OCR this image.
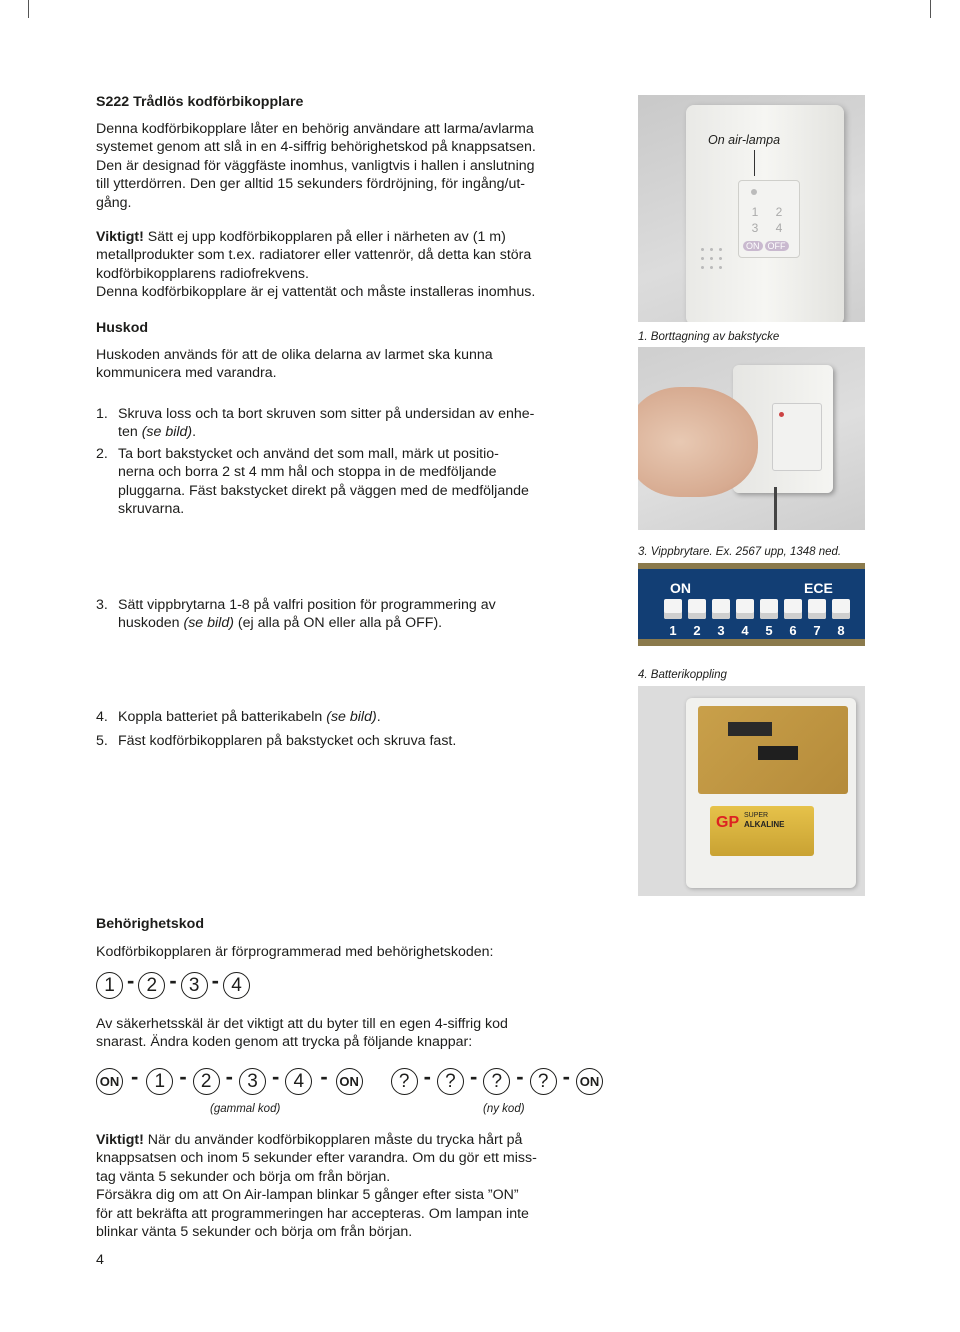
S222 Trådlös kodförbikopplare
Denna kodförbikopplare låter en behörig användare att larma/avlarma
systemet genom att slå in en 4-siffrig behörighetskod på knappsatsen.
Den är designad för väggfäste inomhus, vanligtvis i hallen i anslutning
till ytterdörren. Den ger alltid 15 sekunders fördröjning, för ingång/ut-
gång.
Viktigt! Sätt ej upp kodförbikopplaren på eller i närheten av (1 m)
metallprodukter som t.ex. radiatorer eller vattenrör, då detta kan störa
kodförbikopplarens radiofrekvens.
Denna kodförbikopplare är ej vattentät och måste installeras inomhus.
Huskod
Huskoden används för att de olika delarna av larmet ska kunna
kommunicera med varandra.
1. Skruva loss och ta bort skruven som sitter på undersidan av enhe-
ten (se bild).
2. Ta bort bakstycket och använd det som mall, märk ut positio-
nerna och borra 2 st 4 mm hål och stoppa in de medföljande
pluggarna. Fäst bakstycket direkt på väggen med de medföljande
skruvarna.
3. Sätt vippbrytarna 1-8 på valfri position för programmering av
huskoden (se bild) (ej alla på ON eller alla på OFF).
4. Koppla batteriet på batterikabeln (se bild).
5. Fäst kodförbikopplaren på bakstycket och skruva fast.
On air-lampa
1	2
3	4
ON OFF
1. Borttagning av bakstycke
3. Vippbrytare. Ex. 2567 upp, 1348 ned.
ON	ECE
1	2	3	4	5	6	7	8
4. Batterikoppling
GP SUPER
ALKALINE
Behörighetskod
Kodförbikopplaren är förprogrammerad med behörighetskoden:
1 - 2 - 3 - 4
Av säkerhetsskäl är det viktigt att du byter till en egen 4-siffrig kod
snarast. Ändra koden genom att trycka på följande knappar:
ON - 1 - 2 - 3 - 4 - ON	? - ? - ? - ? - ON
(gammal kod)	(ny kod)
Viktigt! När du använder kodförbikopplaren måste du trycka hårt på
knappsatsen och inom 5 sekunder efter varandra. Om du gör ett miss-
tag vänta 5 sekunder och börja om från början.
Försäkra dig om att On Air-lampan blinkar 5 gånger efter sista ”ON”
för att bekräfta att programmeringen har accepteras. Om lampan inte
blinkar vänta 5 sekunder och börja om från början.
4
